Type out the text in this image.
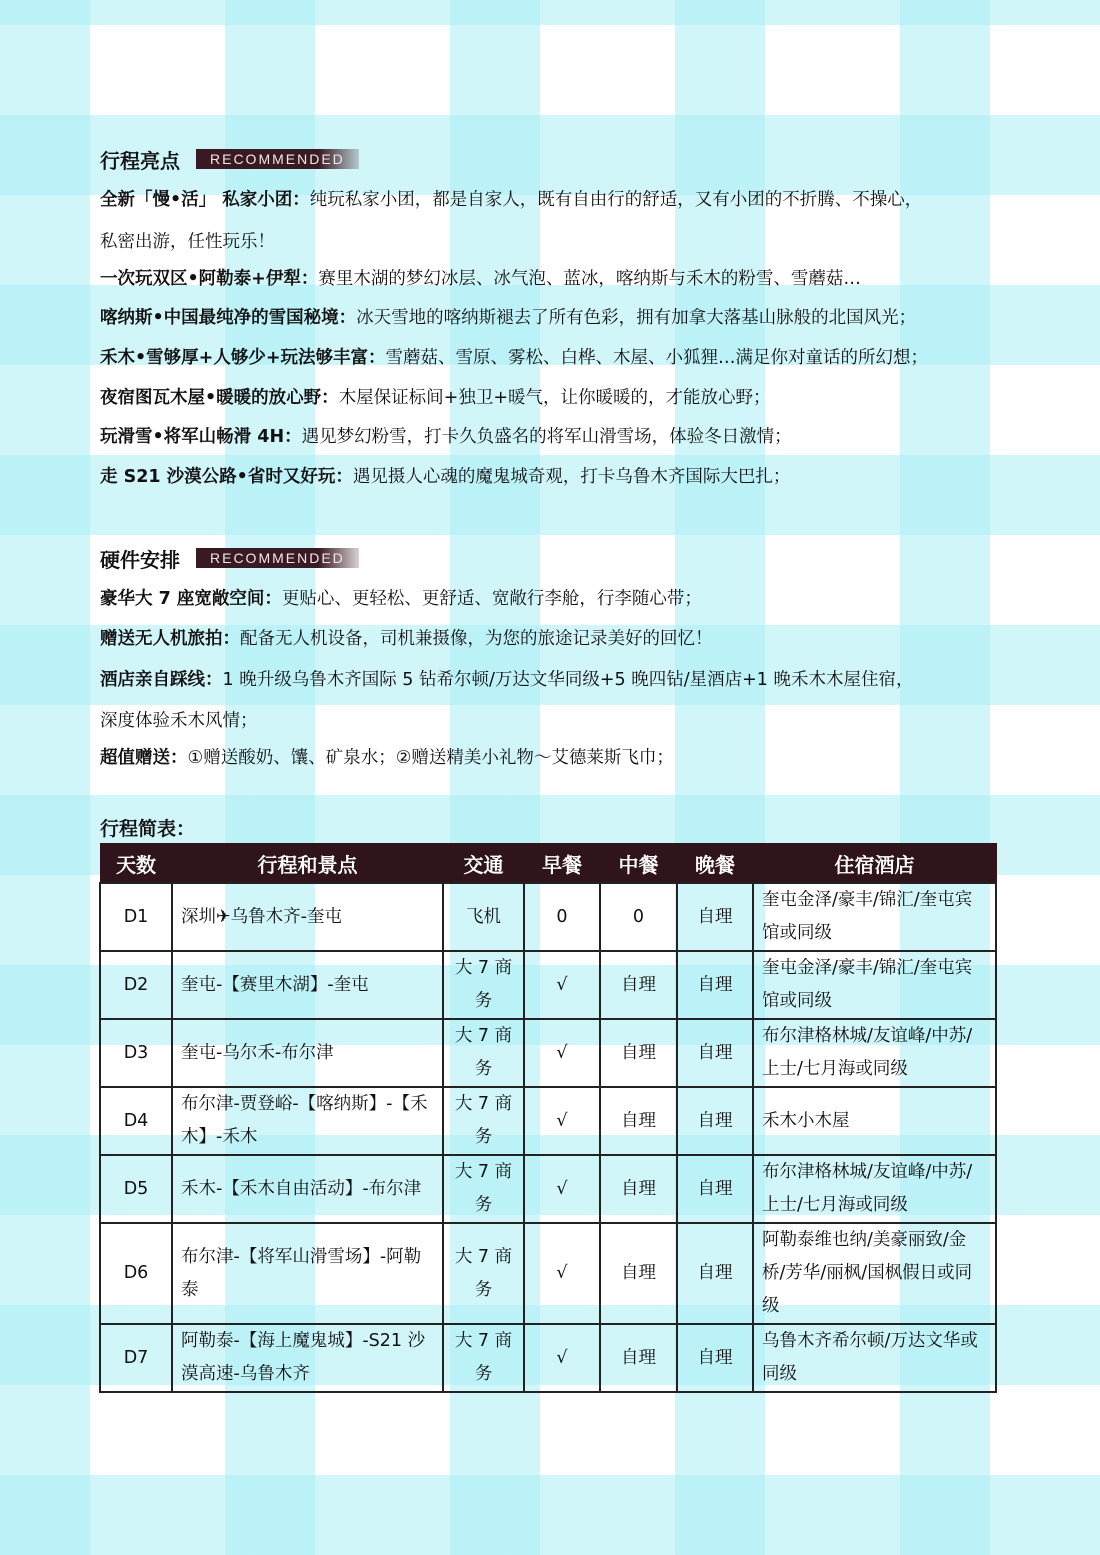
行程亮点	RECOMMENDED
全新「慢•活」 私家小团：纯玩私家小团，都是自家人，既有自由行的舒适，又有小团的不折腾、不操心，
私密出游，任性玩乐！
一次玩双区•阿勒泰+伊犁：赛里木湖的梦幻冰层、冰气泡、蓝冰，喀纳斯与禾木的粉雪、雪蘑菇…
喀纳斯•中国最纯净的雪国秘境：冰天雪地的喀纳斯褪去了所有色彩，拥有加拿大落基山脉般的北国风光；
禾木•雪够厚+人够少+玩法够丰富：雪蘑菇、雪原、雾松、白桦、木屋、小狐狸…满足你对童话的所幻想；
夜宿图瓦木屋•暖暖的放心野：木屋保证标间+独卫+暖气，让你暖暖的，才能放心野；
玩滑雪•将军山畅滑 4H：遇见梦幻粉雪，打卡久负盛名的将军山滑雪场，体验冬日激情；
走 S21 沙漠公路•省时又好玩：遇见摄人心魂的魔鬼城奇观，打卡乌鲁木齐国际大巴扎；
硬件安排	RECOMMENDED
豪华大 7 座宽敞空间：更贴心、更轻松、更舒适、宽敞行李舱，行李随心带；
赠送无人机旅拍：配备无人机设备，司机兼摄像，为您的旅途记录美好的回忆！
酒店亲自踩线：1 晚升级乌鲁木齐国际 5 钻希尔顿/万达文华同级+5 晚四钻/星酒店+1 晚禾木木屋住宿，
深度体验禾木风情；
超值赠送：①赠送酸奶、馕、矿泉水；②赠送精美小礼物～艾德莱斯飞巾；
行程简表：
天数	行程和景点	交通	早餐	中餐	晚餐	住宿酒店
D1	深圳✈乌鲁木齐-奎屯	飞机	0	0	自理	奎屯金泽/豪丰/锦汇/奎屯宾馆或同级
D2	奎屯-【赛里木湖】-奎屯	大 7 商务	√	自理	自理	奎屯金泽/豪丰/锦汇/奎屯宾馆或同级
D3	奎屯-乌尔禾-布尔津	大 7 商务	√	自理	自理	布尔津格林城/友谊峰/中苏/上士/七月海或同级
D4	布尔津-贾登峪-【喀纳斯】-【禾木】-禾木	大 7 商务	√	自理	自理	禾木小木屋
D5	禾木-【禾木自由活动】-布尔津	大 7 商务	√	自理	自理	布尔津格林城/友谊峰/中苏/上士/七月海或同级
D6	布尔津-【将军山滑雪场】-阿勒泰	大 7 商务	√	自理	自理	阿勒泰维也纳/美豪丽致/金桥/芳华/丽枫/国枫假日或同级
D7	阿勒泰-【海上魔鬼城】-S21 沙漠高速-乌鲁木齐	大 7 商务	√	自理	自理	乌鲁木齐希尔顿/万达文华或同级
